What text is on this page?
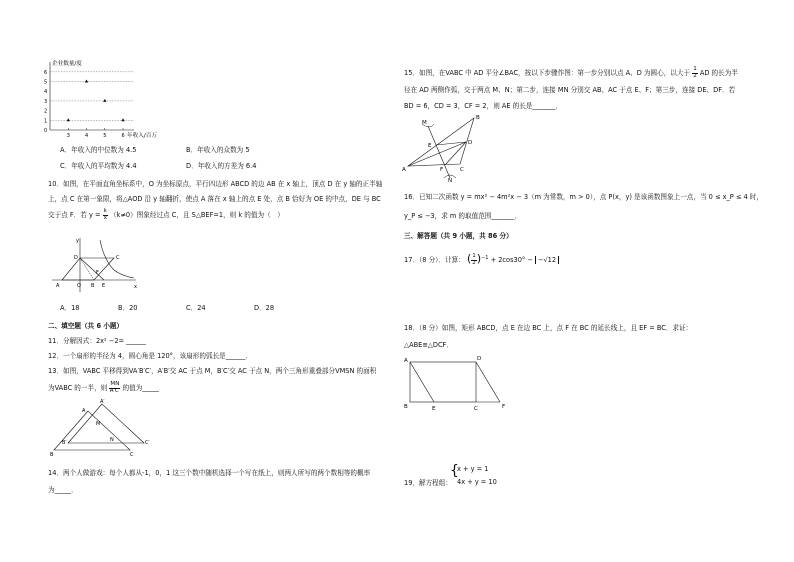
0
1
2
3
4
5
6
3	4	5	6
企业数量/度
年收入/百万
A．年收入的中位数为 4.5	B．年收入的众数为 5
C．年收入的平均数为 4.4	D．年收入的方差为 6.4
10．如图，在平面直角坐标系中，O 为坐标原点，平行四边形 ABCD 的边 AB 在 x 轴上，顶点 D 在 y 轴的正半轴
上，点 C 在第一象限，将△AOD 沿 y 轴翻折，使点 A 落在 x 轴上的点 E 处，点 B 恰好为 OE 的中点，DE 与 BC
交于点 F．若 $y = \frac{k}{x} (k\ne 0)$图象经过点 C，且 S△BEF=1，则 k 的值为（　）
y
x
D	C
A	O B E
F
A．18	B．20	C．24	D．28
二、填空题（共 6 小题）
11．分解因式：2x² −2= ______
12．一个扇形的半径为 4，圆心角是 120°，该扇形的弧长是______．
13．如图，VABC 平移得到VA′B′C′，A′B′交 AC 于点 M，B′C′交 AC 于点 N，两个三角形重叠部分VMSN 的面积
为VABC 的一半，则 $\frac{MN}{A'C'}$ 的值为_____
A′
A
M
B′	N	C′
B	C
14．两个人做游戏：每个人都从-1，0，1 这三个数中随机选择一个写在纸上，则两人所写的两个数相等的概率
为_____．
15．如图，在VABC 中 AD 平分∠BAC，按以下步骤作图：第一步分别以点 A、D 为圆心，以大于 $\frac{1}{2}$ AD 的长为半
径在 AD 两侧作弧，交于两点 M、N；第二步，连接 MN 分别交 AB、AC 于点 E、F；第三步，连接 DE、DF．若
BD = 6，CD = 3，CF = 2，则 AE 的长是_______．
B
M
E	D
A	F	C
N
16．已知二次函数 y = mx² − 4m²x − 3（m 为常数，m > 0），点 P(x，y) 是该函数图象上一点，当 0 ≤ x_P ≤ 4 时，
y_P ≤ −3，求 m 的取值范围_______．
三、解答题（共 9 小题，共 86 分）
17．（8 分）．计算： ( $\frac{1}{2} )^{-1} + 2\cos 30^\circ - -√12$
18．（8 分）如图，矩形 ABCD，点 E 在边 BC 上，点 F 在 BC 的延长线上，且 EF = BC．求证：
△ABE≌△DCF．
A	D
B	E	C	F
19．解方程组：
{
x + y = 1
4x + y = 10
